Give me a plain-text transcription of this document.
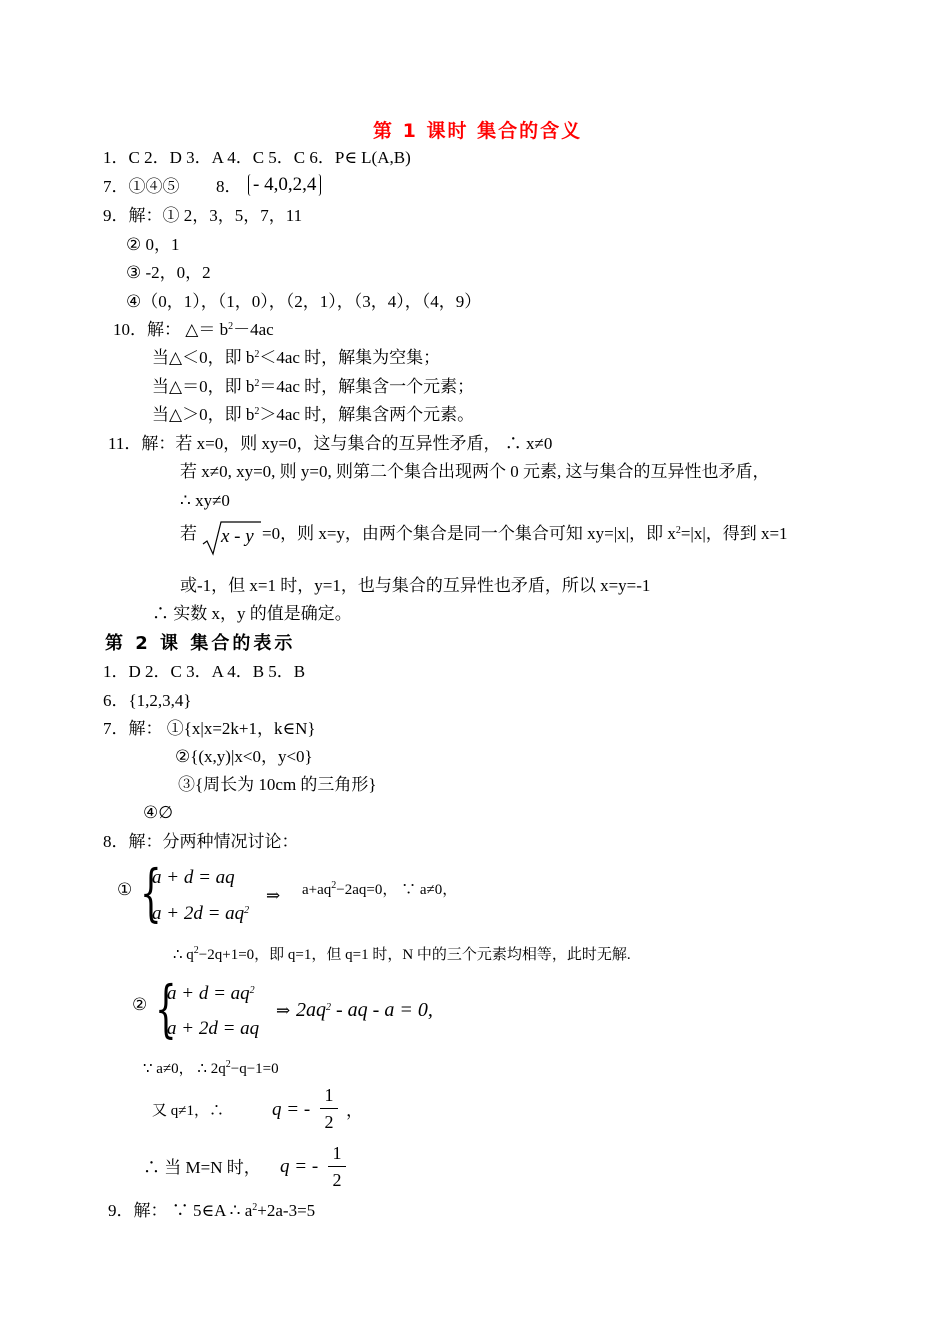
第 1 课时 集合的含义
1．C 2．D 3．A 4．C 5．C 6．P∈ L(A,B)
7．①④⑤ 8． - 4,0,2,4
9．解：① 2，3，5，7，11
② 0，1
③ -2，0，2
④（0，1），（1，0），（2，1），（3，4），（4，9）
10．解： △＝ $b^2-4ac$
当△＜0，即 $b^2<4ac$ 时，解集为空集；
当△＝0，即 $b^2=4ac$ 时，解集含一个元素；
当△＞0，即 $b^2>4ac$ 时，解集含两个元素。
11．解：若 x=0，则 xy=0，这与集合的互异性矛盾， ∴ x≠0
若 x≠0, xy=0, 则 y=0, 则第二个集合出现两个 0 元素, 这与集合的互异性也矛盾，
∴ xy≠0
若 x - y =0，则 x=y，由两个集合是同一个集合可知 xy=|x|，即 $x^2=|x|$，得到 x=1
或-1，但 x=1 时，y=1，也与集合的互异性也矛盾，所以 x=y=-1
∴ 实数 x，y 的值是确定。
第 2 课 集合的表示
1．D 2．C 3．A 4．B 5．B
6．{1,2,3,4}
7．解： ①{x|x=2k+1，k∈N}
②{(x,y)|x<0，y<0}
③{周长为 10cm 的三角形}
④∅
8．解：分两种情况讨论：
① {
a + d = aq
$a + 2d = aq^2$
⇒ $a+aq^2-2aq=0$， ∵ a≠0，
∴ $q^2-2q+1=0$，即 q=1，但 q=1 时，N 中的三个元素均相等，此时无解.
② {
$a + d = aq^2$
a + 2d = aq
⇒ $2aq^2$ - aq - a = 0,
∵ a≠0， ∴ $2q^2-q-1=0$
又 q≠1，∴	q = -
1
2
，
∴ 当 M=N 时， q = -
1
2
9．解： ∵ 5∈A ∴ $a^2+2a-3=5$
